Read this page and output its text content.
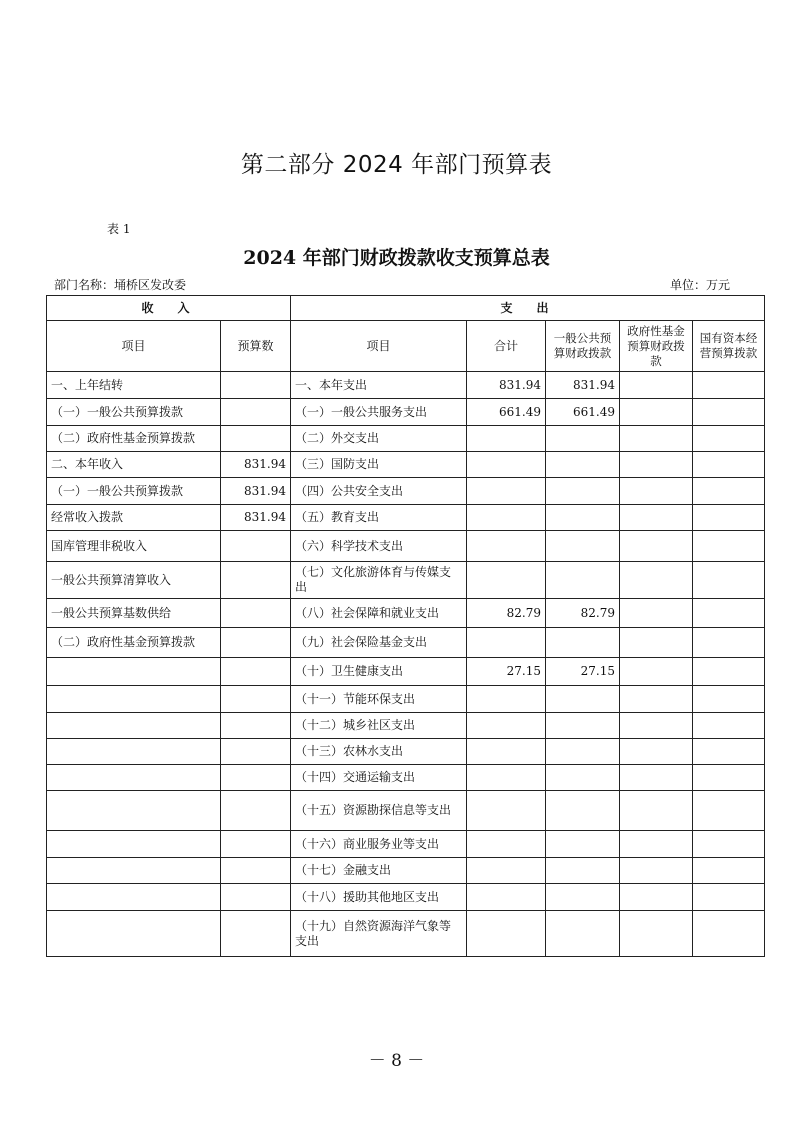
第二部分 2024 年部门预算表
表 1
2024 年部门财政拨款收支预算总表
部门名称：埇桥区发改委	单位：万元
收　入		支　出				
项目	预算数	项目	合计	一般公共预算财政拨款	政府性基金预算财政拨款	国有资本经营预算拨款
一、上年结转		一、本年支出	831.94	831.94		
（一）一般公共预算拨款		（一）一般公共服务支出	661.49	661.49		
（二）政府性基金预算拨款		（二）外交支出				
二、本年收入	831.94	（三）国防支出				
（一）一般公共预算拨款	831.94	（四）公共安全支出				
经常收入拨款	831.94	（五）教育支出				
国库管理非税收入		（六）科学技术支出				
一般公共预算清算收入		（七）文化旅游体育与传媒支出				
一般公共预算基数供给		（八）社会保障和就业支出	82.79	82.79		
（二）政府性基金预算拨款		（九）社会保险基金支出				
		（十）卫生健康支出	27.15	27.15		
		（十一）节能环保支出				
		（十二）城乡社区支出				
		（十三）农林水支出				
		（十四）交通运输支出				
		（十五）资源勘探信息等支出				
		（十六）商业服务业等支出				
		（十七）金融支出				
		（十八）援助其他地区支出				
		（十九）自然资源海洋气象等支出				
－ 8 －
